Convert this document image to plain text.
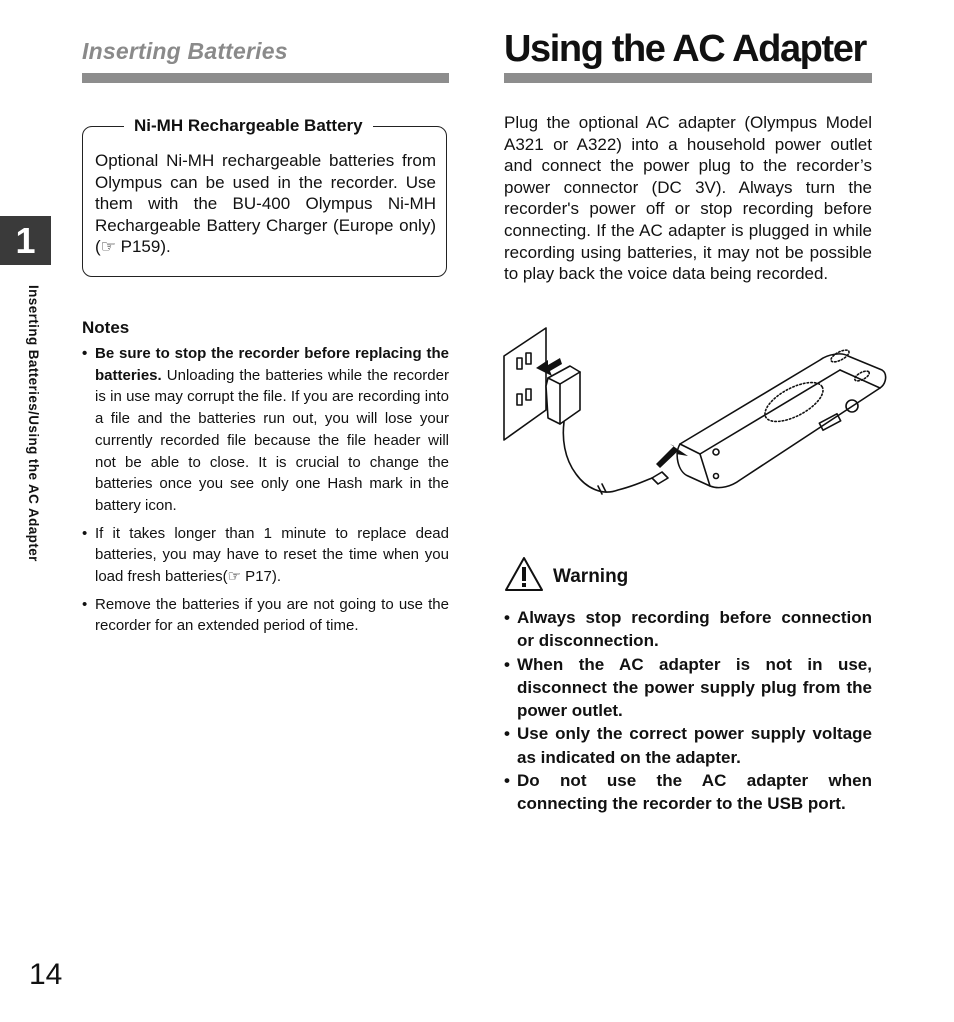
Inserting Batteries
Ni-MH Rechargeable Battery
Optional Ni-MH rechargeable batteries from Olympus can be used in the recorder. Use them with the BU-400 Olympus Ni-MH Rechargeable Battery Charger (Europe only) (☞ P159).
Notes
• Be sure to stop the recorder before replacing the batteries. Unloading the batteries while the recorder is in use may corrupt the file. If you are recording into a file and the batteries run out, you will lose your currently recorded file because the file header will not be able to close. It is crucial to change the batteries once you see only one Hash mark in the battery icon.
• If it takes longer than 1 minute to replace dead batteries, you may have to reset the time when you load fresh batteries(☞ P17).
• Remove the batteries if you are not going to use the recorder for an extended period of time.
1
Inserting Batteries/Using the AC Adapter
14
Using the AC Adapter
Plug the optional AC adapter (Olympus Model A321 or A322) into a household power outlet and connect the power plug to the recorder’s power connector (DC 3V). Always turn the recorder's power off or stop recording before connecting. If the AC adapter is plugged in while recording using batteries, it may not be possible to play back the voice data being recorded.
Warning
• Always stop recording before connection or disconnection.
• When the AC adapter is not in use, disconnect the power supply plug from the power outlet.
• Use only the correct power supply voltage as indicated on the adapter.
• Do not use the AC adapter when connecting the recorder to the USB port.
